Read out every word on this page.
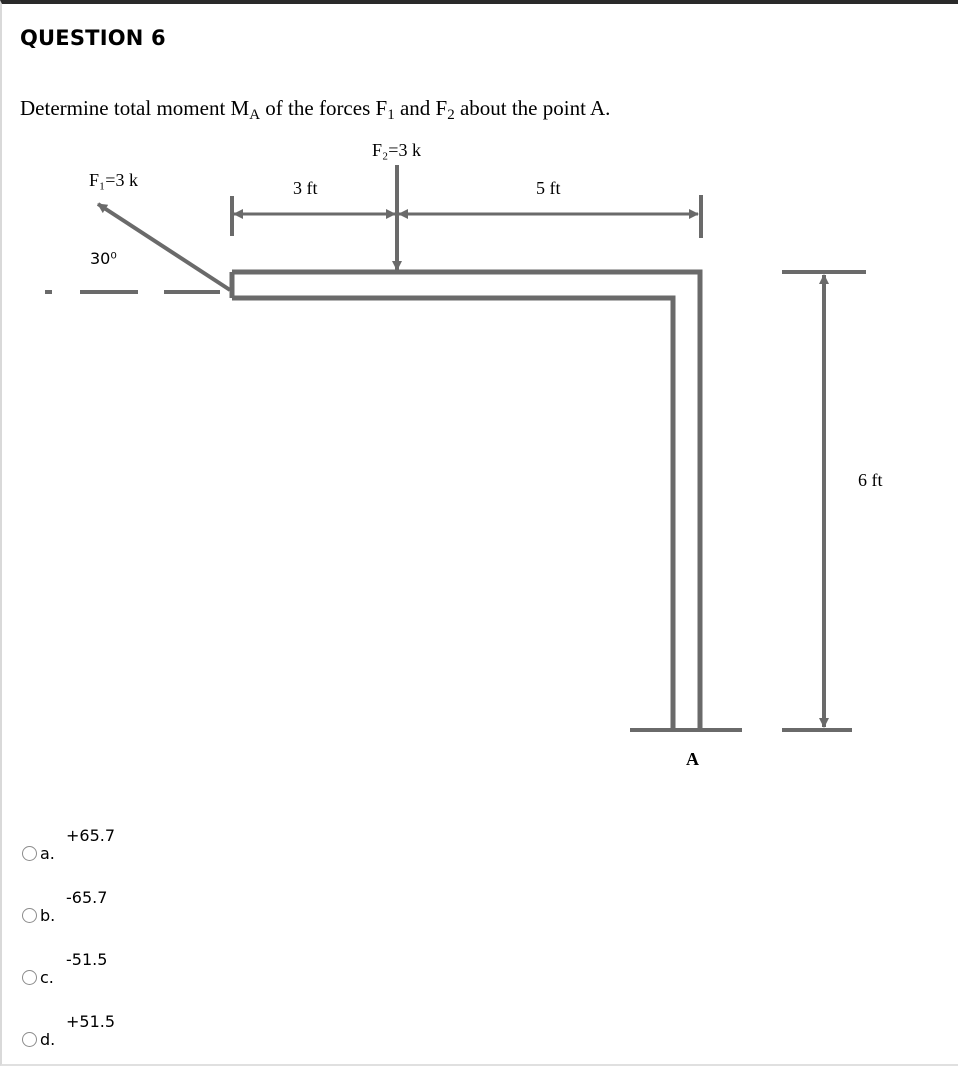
QUESTION 6
Determine total moment $M_A$ of the forces $F_1$ and $F_2$ about the point A.
F₁=3 k
F₂=3 k
30⁰
3 ft	5 ft
6 ft
A
a.
+65.7
b.
-65.7
c.
-51.5
d.
+51.5
